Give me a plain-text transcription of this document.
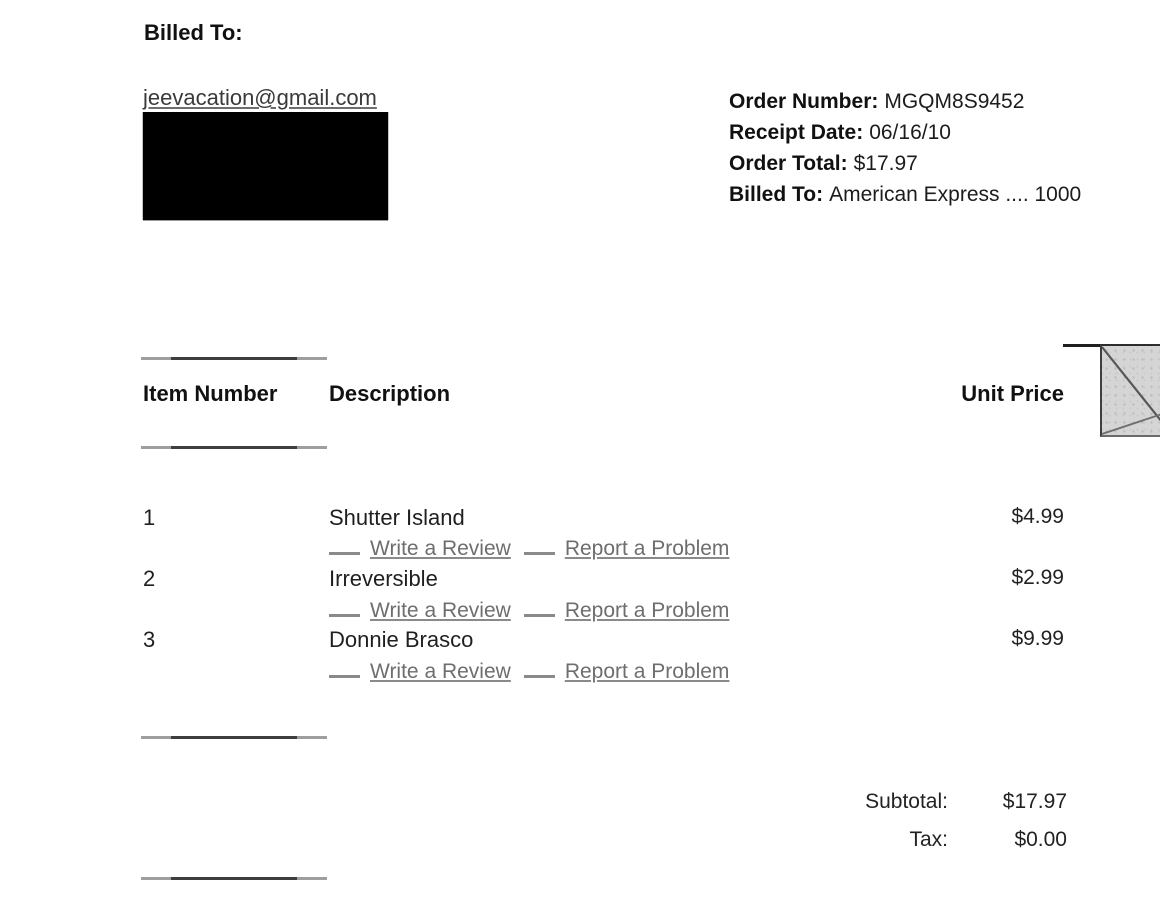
Billed To:
jeevacation@gmail.com	Order Number: MGQM8S9452
Receipt Date: 06/16/10
Order Total: $17.97
Billed To: American Express .... 1000
Item Number Description	Unit Price
1	Shutter Island	$4.99
Write a Review	Report a Problem
2	Irreversible	$2.99
Write a Review	Report a Problem
3	Donnie Brasco	$9.99
Write a Review	Report a Problem
Subtotal:	$17.97
Tax:	$0.00
